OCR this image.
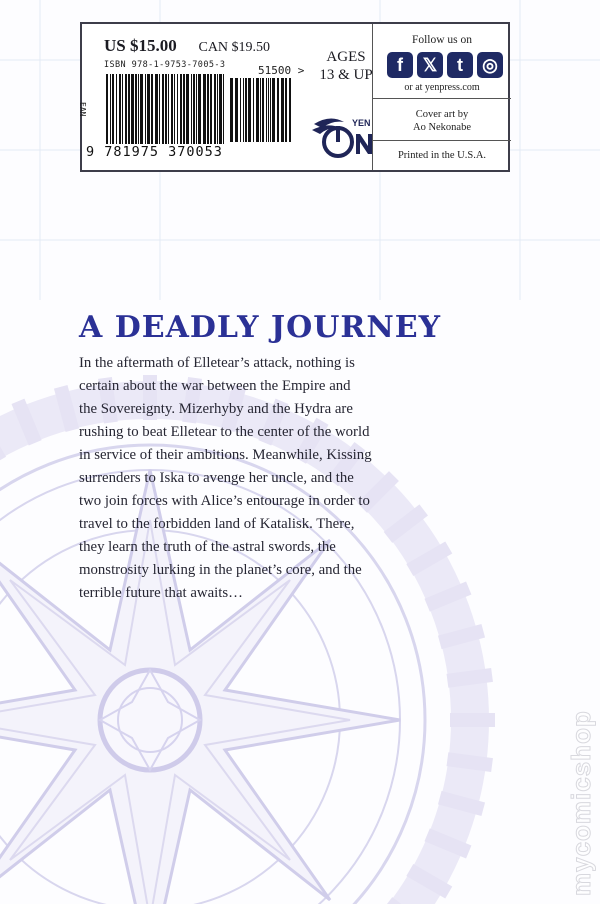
US $15.00 CAN $19.50
ISBN 978-1-9753-7005-3	51500 >
EAN
9 781975 370053
AGES
13 & UP
YEN
Follow us on
f	𝕏	t	◎
or at yenpress.com
Cover art by
Ao Nekonabe
Printed in the U.S.A.
A DEADLY JOURNEY

In the aftermath of Elletear’s attack, nothing is
certain about the war between the Empire and
the Sovereignty. Mizerhyby and the Hydra are
rushing to beat Elletear to the center of the world
in service of their ambitions. Meanwhile, Kissing
surrenders to Iska to avenge her uncle, and the
two join forces with Alice’s entourage in order to
travel to the forbidden land of Katalisk. There,
they learn the truth of the astral swords, the
monstrosity lurking in the planet’s core, and the
terrible future that awaits…

mycomicshop
